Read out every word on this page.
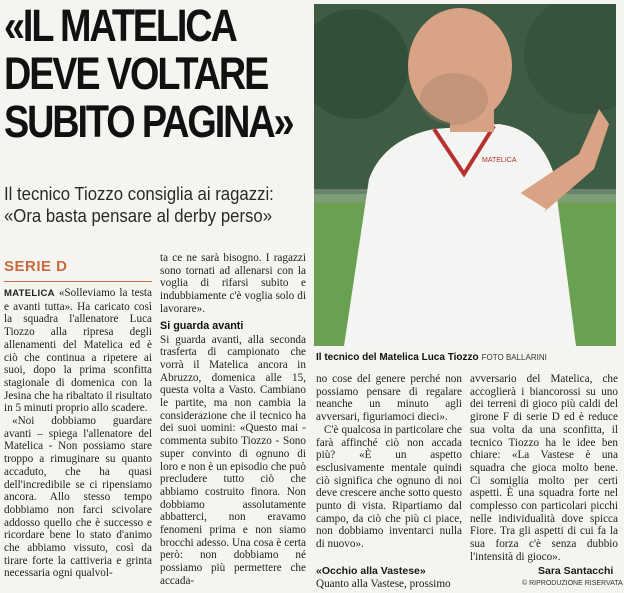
«IL MATELICA
DEVE VOLTARE
SUBITO PAGINA»
Il tecnico Tiozzo consiglia ai ragazzi:
«Ora basta pensare al derby perso»
SERIE D

MATELICA «Solleviamo la testa e avanti tutta». Ha caricato così la squadra l'allenatore Luca Tiozzo alla ripresa degli allenamenti del Matelica ed è ciò che continua a ripetere ai suoi, dopo la prima sconfitta stagionale di domenica con la Jesina che ha ribaltato il risultato in 5 minuti proprio allo scadere.

«Noi dobbiamo guardare avanti – spiega l'allenatore del Matelica - Non possiamo stare troppo a rimuginare su quanto accaduto, che ha quasi dell'incredibile se ci ripensiamo ancora. Allo stesso tempo dobbiamo non farci scivolare addosso quello che è successo e ricordare bene lo stato d'animo che abbiamo vissuto, così da tirare forte la cattiveria e grinta necessaria ogni qualvol-

ta ce ne sarà bisogno. I ragazzi sono tornati ad allenarsi con la voglia di rifarsi subito e indubbiamente c'è voglia solo di lavorare».

Si guarda avanti

Si guarda avanti, alla seconda trasferta di campionato che vorrà il Matelica ancora in Abruzzo, domenica alle 15, questa volta a Vasto. Cambiano le partite, ma non cambia la considerazione che il tecnico ha dei suoi uomini: «Questo mai - commenta subito Tiozzo - Sono super convinto di ognuno di loro e non è un episodio che può precludere tutto ciò che abbiamo costruito finora. Non dobbiamo assolutamente abbatterci, non eravamo fenomeni prima e non siamo brocchi adesso. Una cosa è certa però: non dobbiamo né possiamo più permettere che accada-

MATELICA
Il tecnico del Matelica Luca Tiozzo FOTO BALLARINI

no cose del genere perché non possiamo pensare di regalare neanche un minuto agli avversari, figuriamoci dieci».

C'è qualcosa in particolare che farà affinché ciò non accada più? «È un aspetto esclusivamente mentale quindi ciò significa che ognuno di noi deve crescere anche sotto questo punto di vista. Ripartiamo dal campo, da ciò che più ci piace, non dobbiamo inventarci nulla di nuovo».

«Occhio alla Vastese»
Quanto alla Vastese, prossimo

avversario del Matelica, che accoglierà i biancorossi su uno dei terreni di gioco più caldi del girone F di serie D ed è reduce sua volta da una sconfitta, il tecnico Tiozzo ha le idee ben chiare: «La Vastese è una squadra che gioca molto bene. Ci somiglia molto per certi aspetti. È una squadra forte nel complesso con particolari picchi nelle individualità dove spicca Fiore. Tra gli aspetti di cui fa la sua forza c'è senza dubbio l'intensità di gioco».

Sara Santacchi
© RIPRODUZIONE RISERVATA
